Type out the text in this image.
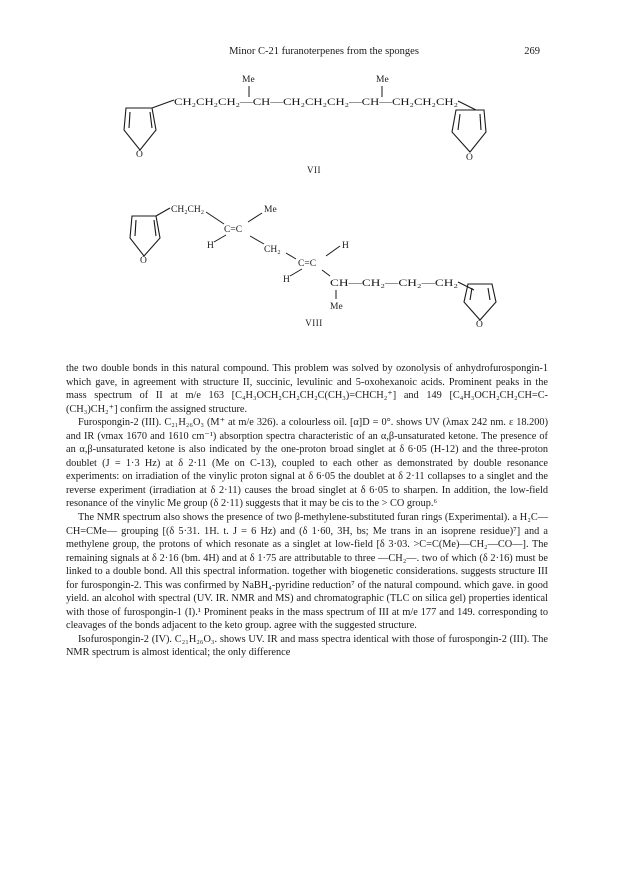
Minor C-21 furanoterpenes from the sponges	269
O
Me	Me
CH₂CH₂CH₂—CH—CH₂CH₂CH₂—CH—CH₂CH₂CH₂
O
O
CH₂CH₂	Me
C=C
H	CH₂	H
C=C
H	CH—CH₂—CH₂—CH₂
Me
O
VII
VIII

the two double bonds in this natural compound. This problem was solved by ozonolysis of anhydrofurospongin-1 which gave, in agreement with structure II, succinic, levulinic and 5-oxohexanoic acids. Prominent peaks in the mass spectrum of II at m/e 163 [C₄H₃OCH₂CH₂CH₂C(CH₃)=CHCH₂⁺] and 149 [C₄H₃OCH₂CH₂CH=C-(CH₃)CH₂⁺] confirm the assigned structure.

Furospongin-2 (III). C₂₁H₂₆O₃ (M⁺ at m/e 326). a colourless oil. [α]D = 0°. shows UV (λmax 242 nm. ε 18.200) and IR (νmax 1670 and 1610 cm⁻¹) absorption spectra characteristic of an α,β-unsaturated ketone. The presence of an α,β-unsaturated ketone is also indicated by the one-proton broad singlet at δ 6·05 (H-12) and the three-proton doublet (J = 1·3 Hz) at δ 2·11 (Me on C-13), coupled to each other as demonstrated by double resonance experiments: on irradiation of the vinylic proton signal at δ 6·05 the doublet at δ 2·11 collapses to a singlet and the reverse experiment (irradiation at δ 2·11) causes the broad singlet at δ 6·05 to sharpen. In addition, the low-field resonance of the vinylic Me group (δ 2·11) suggests that it may be cis to the > CO group.⁶

The NMR spectrum also shows the presence of two β-methylene-substituted furan rings (Experimental). a H₂C—CH=CMe— grouping [(δ 5·31. 1H. t. J = 6 Hz) and (δ 1·60, 3H, bs; Me trans in an isoprene residue)⁷] and a methylene group, the protons of which resonate as a singlet at low-field [δ 3·03. >C=C(Me)—CH₂—CO—]. The remaining signals at δ 2·16 (bm. 4H) and at δ 1·75 are attributable to three —CH₂—. two of which (δ 2·16) must be linked to a double bond. All this spectral information. together with biogenetic considerations. suggests structure III for furospongin-2. This was confirmed by NaBH₄-pyridine reduction⁷ of the natural compound. which gave. in good yield. an alcohol with spectral (UV. IR. NMR and MS) and chromatographic (TLC on silica gel) properties identical with those of furospongin-1 (I).¹ Prominent peaks in the mass spectrum of III at m/e 177 and 149. corresponding to cleavages of the bonds adjacent to the keto group. agree with the suggested structure.

Isofurospongin-2 (IV). C₂₁H₂₆O₃. shows UV. IR and mass spectra identical with those of furospongin-2 (III). The NMR spectrum is almost identical; the only difference
